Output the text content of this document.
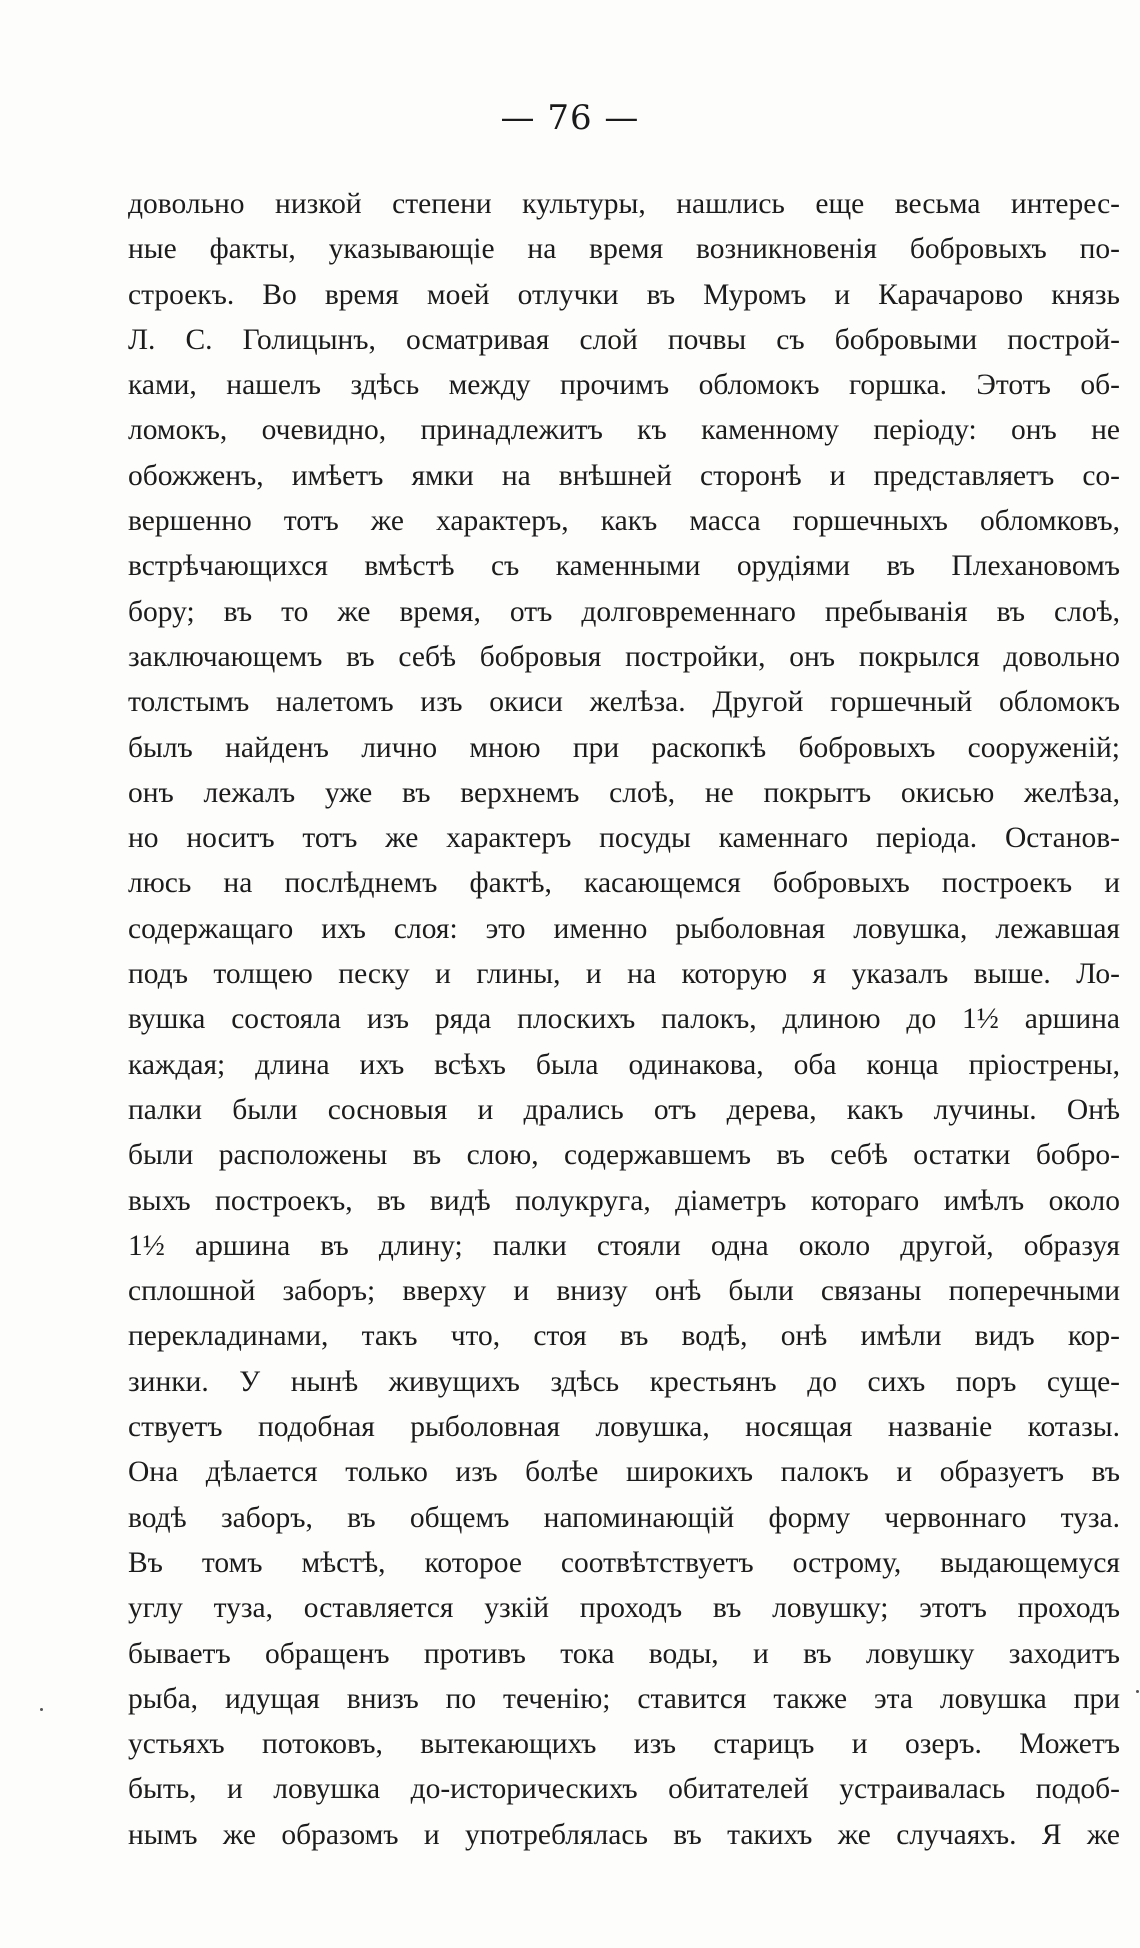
— 76 —
довольно низкой степени культуры, нашлись еще весьма интерес-
ные факты, указывающіе на время возникновенія бобровыхъ по-
строекъ. Во время моей отлучки въ Муромъ и Карачарово князь
Л. С. Голицынъ, осматривая слой почвы съ бобровыми построй-
ками, нашелъ здѣсь между прочимъ обломокъ горшка. Этотъ об-
ломокъ, очевидно, принадлежитъ къ каменному періоду: онъ не
обожженъ, имѣетъ ямки на внѣшней сторонѣ и представляетъ со-
вершенно тотъ же характеръ, какъ масса горшечныхъ обломковъ,
встрѣчающихся вмѣстѣ съ каменными орудіями въ Плехановомъ
бору; въ то же время, отъ долговременнаго пребыванія въ слоѣ,
заключающемъ въ себѣ бобровыя постройки, онъ покрылся довольно
толстымъ налетомъ изъ окиси желѣза. Другой горшечный обломокъ
былъ найденъ лично мною при раскопкѣ бобровыхъ сооруженій;
онъ лежалъ уже въ верхнемъ слоѣ, не покрытъ окисью желѣза,
но носитъ тотъ же характеръ посуды каменнаго періода. Останов-
люсь на послѣднемъ фактѣ, касающемся бобровыхъ построекъ и
содержащаго ихъ слоя: это именно рыболовная ловушка, лежавшая
подъ толщею песку и глины, и на которую я указалъ выше. Ло-
вушка состояла изъ ряда плоскихъ палокъ, длиною до 1½ аршина
каждая; длина ихъ всѣхъ была одинакова, оба конца пріострены,
палки были сосновыя и дрались отъ дерева, какъ лучины. Онѣ
были расположены въ слою, содержавшемъ въ себѣ остатки бобро-
выхъ построекъ, въ видѣ полукруга, діаметръ котораго имѣлъ около
1½ аршина въ длину; палки стояли одна около другой, образуя
сплошной заборъ; вверху и внизу онѣ были связаны поперечными
перекладинами, такъ что, стоя въ водѣ, онѣ имѣли видъ кор-
зинки. У нынѣ живущихъ здѣсь крестьянъ до сихъ поръ суще-
ствуетъ подобная рыболовная ловушка, носящая названіе котазы.
Она дѣлается только изъ болѣе широкихъ палокъ и образуетъ въ
водѣ заборъ, въ общемъ напоминающій форму червоннаго туза.
Въ томъ мѣстѣ, которое соотвѣтствуетъ острому, выдающемуся
углу туза, оставляется узкій проходъ въ ловушку; этотъ проходъ
бываетъ обращенъ противъ тока воды, и въ ловушку заходитъ
рыба, идущая внизъ по теченію; ставится также эта ловушка при
устьяхъ потоковъ, вытекающихъ изъ старицъ и озеръ. Можетъ
быть, и ловушка до-историческихъ обитателей устраивалась подоб-
нымъ же образомъ и употреблялась въ такихъ же случаяхъ. Я же
